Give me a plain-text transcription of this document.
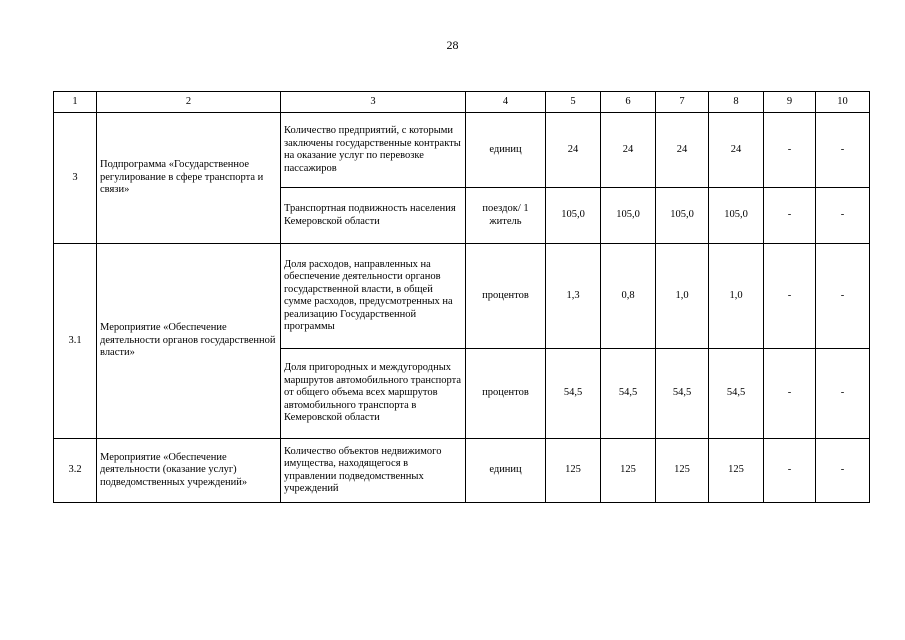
28
1	2	3	4	5	6	7	8	9	10
3	Подпрограмма «Государственное регулирование в сфере транспорта и связи»	Количество предприятий, с которыми заключены государственные контракты на оказание услуг по перевозке пассажиров	единиц	24	24	24	24	-	-
		Транспортная подвижность населения Кемеровской области	поездок/ 1 житель	105,0	105,0	105,0	105,0	-	-
3.1	Мероприятие «Обеспечение деятельности органов государственной власти»	Доля расходов, направленных на обеспечение деятельности органов государственной власти, в общей сумме расходов, предусмотренных на реализацию Государственной программы	процентов	1,3	0,8	1,0	1,0	-	-
		Доля пригородных и междугородных маршрутов автомобильного транспорта от общего объема всех маршрутов автомобильного транспорта в Кемеровской области	процентов	54,5	54,5	54,5	54,5	-	-
3.2	Мероприятие «Обеспечение деятельности (оказание услуг) подведомственных учреждений»	Количество объектов недвижимого имущества, находящегося в управлении подведомственных учреждений	единиц	125	125	125	125	-	-
